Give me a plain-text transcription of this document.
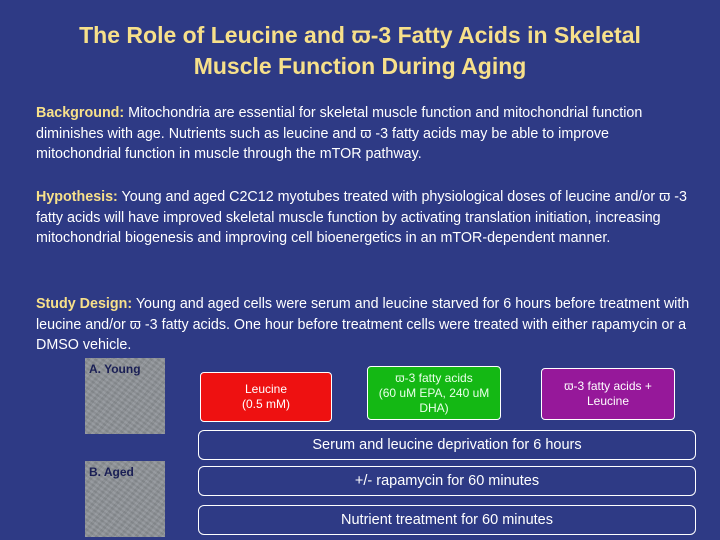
The Role of Leucine and ϖ-3 Fatty Acids in Skeletal
Muscle Function During Aging
Background: Mitochondria are essential for skeletal muscle function and mitochondrial function diminishes with age. Nutrients such as leucine and ϖ -3 fatty acids may be able to improve mitochondrial function in muscle through the mTOR pathway.
Hypothesis: Young and aged C2C12 myotubes treated with physiological doses of leucine and/or ϖ -3 fatty acids will have improved skeletal muscle function by activating translation initiation, increasing mitochondrial biogenesis and improving cell bioenergetics in an mTOR-dependent manner.
Study Design: Young and aged cells were serum and leucine starved for 6 hours before treatment with leucine and/or ϖ -3 fatty acids. One hour before treatment cells were treated with either rapamycin or a DMSO vehicle.
A. Young
B. Aged
Leucine
(0.5 mM)
ϖ-3 fatty acids
(60 uM EPA, 240 uM
DHA)
ϖ-3 fatty acids +
Leucine
Serum and leucine deprivation for 6 hours
+/- rapamycin for 60 minutes
Nutrient treatment for 60 minutes
